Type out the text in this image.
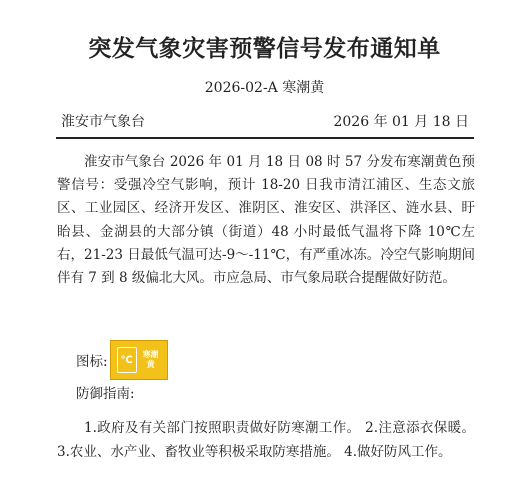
突发气象灾害预警信号发布通知单
2026-02-A 寒潮黄
淮安市气象台	2026 年 01 月 18 日

淮安市气象台 2026 年 01 月 18 日 08 时 57 分发布寒潮黄色预警信号：受强冷空气影响，预计 18-20 日我市清江浦区、生态文旅区、工业园区、经济开发区、淮阴区、淮安区、洪泽区、涟水县、盱眙县、金湖县的大部分镇（街道）48 小时最低气温将下降 10℃左右，21-23 日最低气温可达-9～-11℃，有严重冰冻。冷空气影响期间伴有 7 到 8 级偏北大风。市应急局、市气象局联合提醒做好防范。

图标:	℃	寒潮
黄
防御指南:

1.政府及有关部门按照职责做好防寒潮工作。 2.注意添衣保暖。 3.农业、水产业、畜牧业等积极采取防寒措施。 4.做好防风工作。
